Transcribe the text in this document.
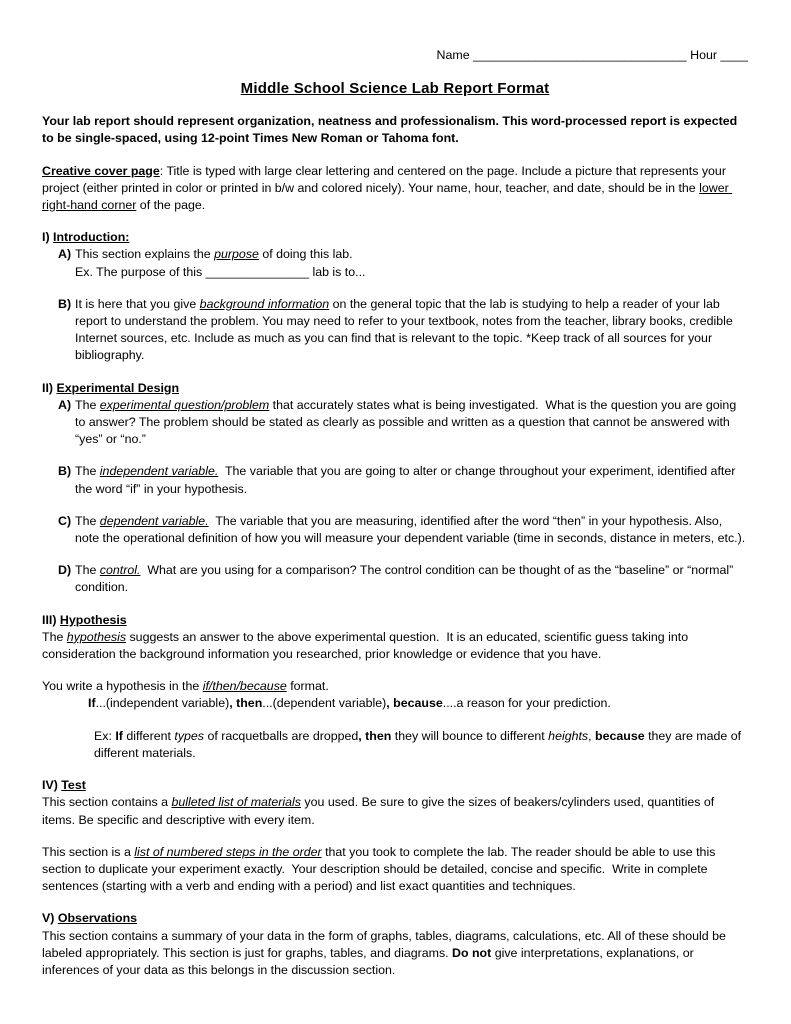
Name _______________________________ Hour ____
Middle School Science Lab Report Format
Your lab report should represent organization, neatness and professionalism. This word-processed report is expected to be single-spaced, using 12-point Times New Roman or Tahoma font.
Creative cover page: Title is typed with large clear lettering and centered on the page. Include a picture that represents your project (either printed in color or printed in b/w and colored nicely). Your name, hour, teacher, and date, should be in the lower right-hand corner of the page.
I) Introduction:
A) This section explains the purpose of doing this lab.
Ex. The purpose of this _______________ lab is to...
B) It is here that you give background information on the general topic that the lab is studying to help a reader of your lab report to understand the problem. You may need to refer to your textbook, notes from the teacher, library books, credible Internet sources, etc. Include as much as you can find that is relevant to the topic. *Keep track of all sources for your bibliography.
II) Experimental Design
A) The experimental question/problem that accurately states what is being investigated.  What is the question you are going to answer? The problem should be stated as clearly as possible and written as a question that cannot be answered with “yes” or “no.”
B) The independent variable.  The variable that you are going to alter or change throughout your experiment, identified after the word “if” in your hypothesis.
C) The dependent variable.  The variable that you are measuring, identified after the word “then” in your hypothesis. Also, note the operational definition of how you will measure your dependent variable (time in seconds, distance in meters, etc.).
D) The control.  What are you using for a comparison? The control condition can be thought of as the “baseline” or “normal” condition.
III) Hypothesis
The hypothesis suggests an answer to the above experimental question.  It is an educated, scientific guess taking into consideration the background information you researched, prior knowledge or evidence that you have.
You write a hypothesis in the if/then/because format.
If...(independent variable), then...(dependent variable), because....a reason for your prediction.
Ex: If different types of racquetballs are dropped, then they will bounce to different heights, because they are made of different materials.
IV) Test
This section contains a bulleted list of materials you used. Be sure to give the sizes of beakers/cylinders used, quantities of items. Be specific and descriptive with every item.
This section is a list of numbered steps in the order that you took to complete the lab. The reader should be able to use this section to duplicate your experiment exactly.  Your description should be detailed, concise and specific.  Write in complete sentences (starting with a verb and ending with a period) and list exact quantities and techniques.
V) Observations
This section contains a summary of your data in the form of graphs, tables, diagrams, calculations, etc. All of these should be labeled appropriately. This section is just for graphs, tables, and diagrams. Do not give interpretations, explanations, or inferences of your data as this belongs in the discussion section.
